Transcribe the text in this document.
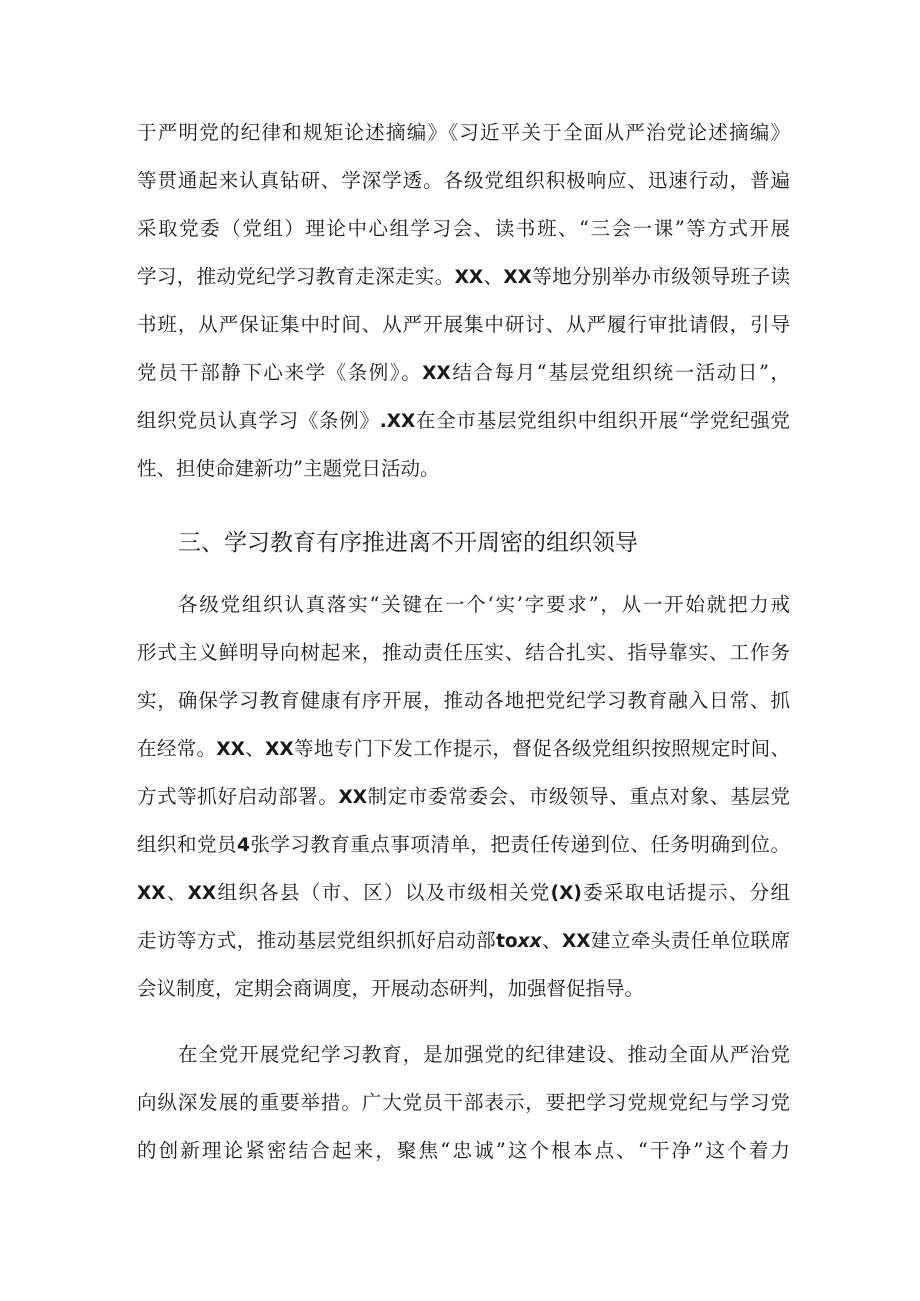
于严明党的纪律和规矩论述摘编》《习近平关于全面从严治党论述摘编》
等贯通起来认真钻研、学深学透。各级党组织积极响应、迅速行动，普遍
采取党委（党组）理论中心组学习会、读书班、“三会一课”等方式开展
学习，推动党纪学习教育走深走实。XX、XX等地分别举办市级领导班子读
书班，从严保证集中时间、从严开展集中研讨、从严履行审批请假，引导
党员干部静下心来学《条例》。XX结合每月“基层党组织统一活动日”，
组织党员认真学习《条例》.XX在全市基层党组织中组织开展“学党纪强党
性、担使命建新功”主题党日活动。
三、学习教育有序推进离不开周密的组织领导
各级党组织认真落实“关键在一个‘实’字要求”，从一开始就把力戒
形式主义鲜明导向树起来，推动责任压实、结合扎实、指导靠实、工作务
实，确保学习教育健康有序开展，推动各地把党纪学习教育融入日常、抓
在经常。XX、XX等地专门下发工作提示，督促各级党组织按照规定时间、
方式等抓好启动部署。XX制定市委常委会、市级领导、重点对象、基层党
组织和党员4张学习教育重点事项清单，把责任传递到位、任务明确到位。
XX、XX组织各县（市、区）以及市级相关党(X)委采取电话提示、分组
走访等方式，推动基层党组织抓好启动部toxx、XX建立牵头责任单位联席
会议制度，定期会商调度，开展动态研判，加强督促指导。
在全党开展党纪学习教育，是加强党的纪律建设、推动全面从严治党
向纵深发展的重要举措。广大党员干部表示，要把学习党规党纪与学习党
的创新理论紧密结合起来，聚焦“忠诚”这个根本点、“干净”这个着力
